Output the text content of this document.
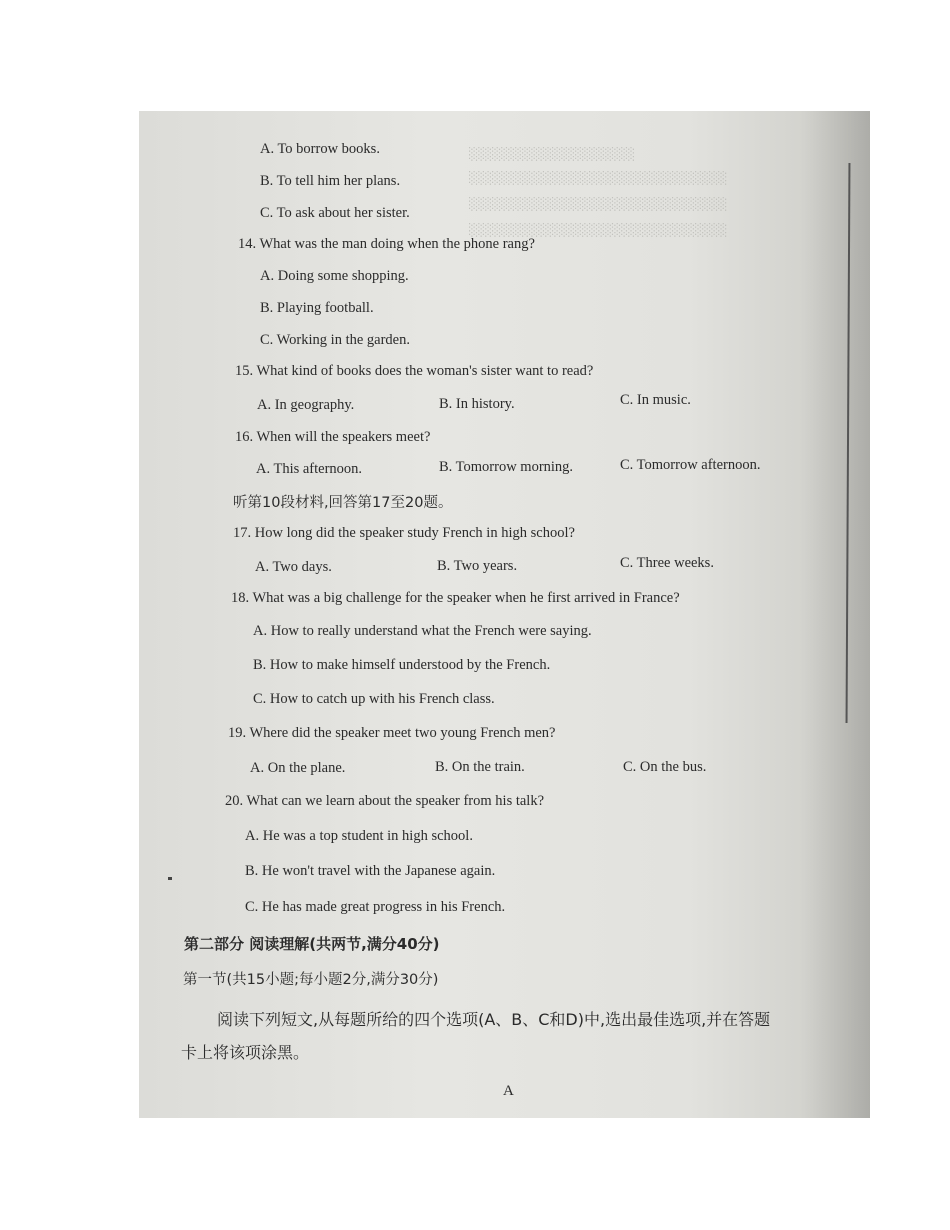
░░░░░░░░░░░░░░░░░░
░░░░░░░░░░░░░░░░░░░░░░░░░░░░
░░░░░░░░░░░░░░░░░░░░░░░░░░░░
░░░░░░░░░░░░░░░░░░░░░░░░░░░░
A. To borrow books.
B. To tell him her plans.
C. To ask about her sister.
14. What was the man doing when the phone rang?
A. Doing some shopping.
B. Playing football.
C. Working in the garden.
15. What kind of books does the woman's sister want to read?
A. In geography.	B. In history.	C. In music.
16. When will the speakers meet?
A. This afternoon.	B. Tomorrow morning.	C. Tomorrow afternoon.
听第10段材料,回答第17至20题。
17. How long did the speaker study French in high school?
A. Two days.	B. Two years.	C. Three weeks.
18. What was a big challenge for the speaker when he first arrived in France?
A. How to really understand what the French were saying.
B. How to make himself understood by the French.
C. How to catch up with his French class.
19. Where did the speaker meet two young French men?
A. On the plane.	B. On the train.	C. On the bus.
20. What can we learn about the speaker from his talk?
A. He was a top student in high school.
B. He won't travel with the Japanese again.
C. He has made great progress in his French.
第二部分 阅读理解(共两节,满分40分)
第一节(共15小题;每小题2分,满分30分)
阅读下列短文,从每题所给的四个选项(A、B、C和D)中,选出最佳选项,并在答题
卡上将该项涂黑。
A
